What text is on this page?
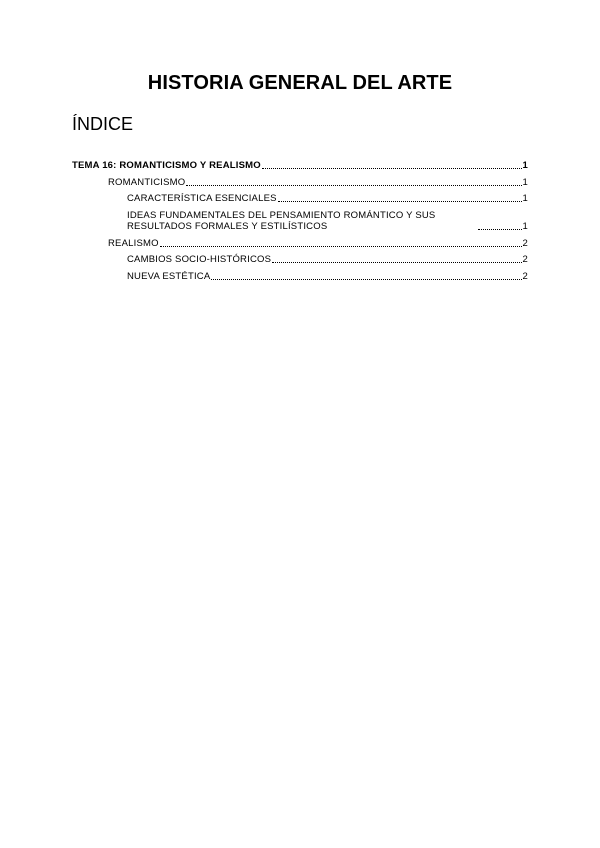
HISTORIA GENERAL DEL ARTE
ÍNDICE
TEMA 16: ROMANTICISMO Y REALISMO	1
ROMANTICISMO	1
CARACTERÍSTICA ESENCIALES	1
IDEAS FUNDAMENTALES DEL PENSAMIENTO ROMÁNTICO Y SUS RESULTADOS FORMALES Y ESTILÍSTICOS	1
REALISMO	2
CAMBIOS SOCIO-HISTÓRICOS	2
NUEVA ESTÉTICA	2
